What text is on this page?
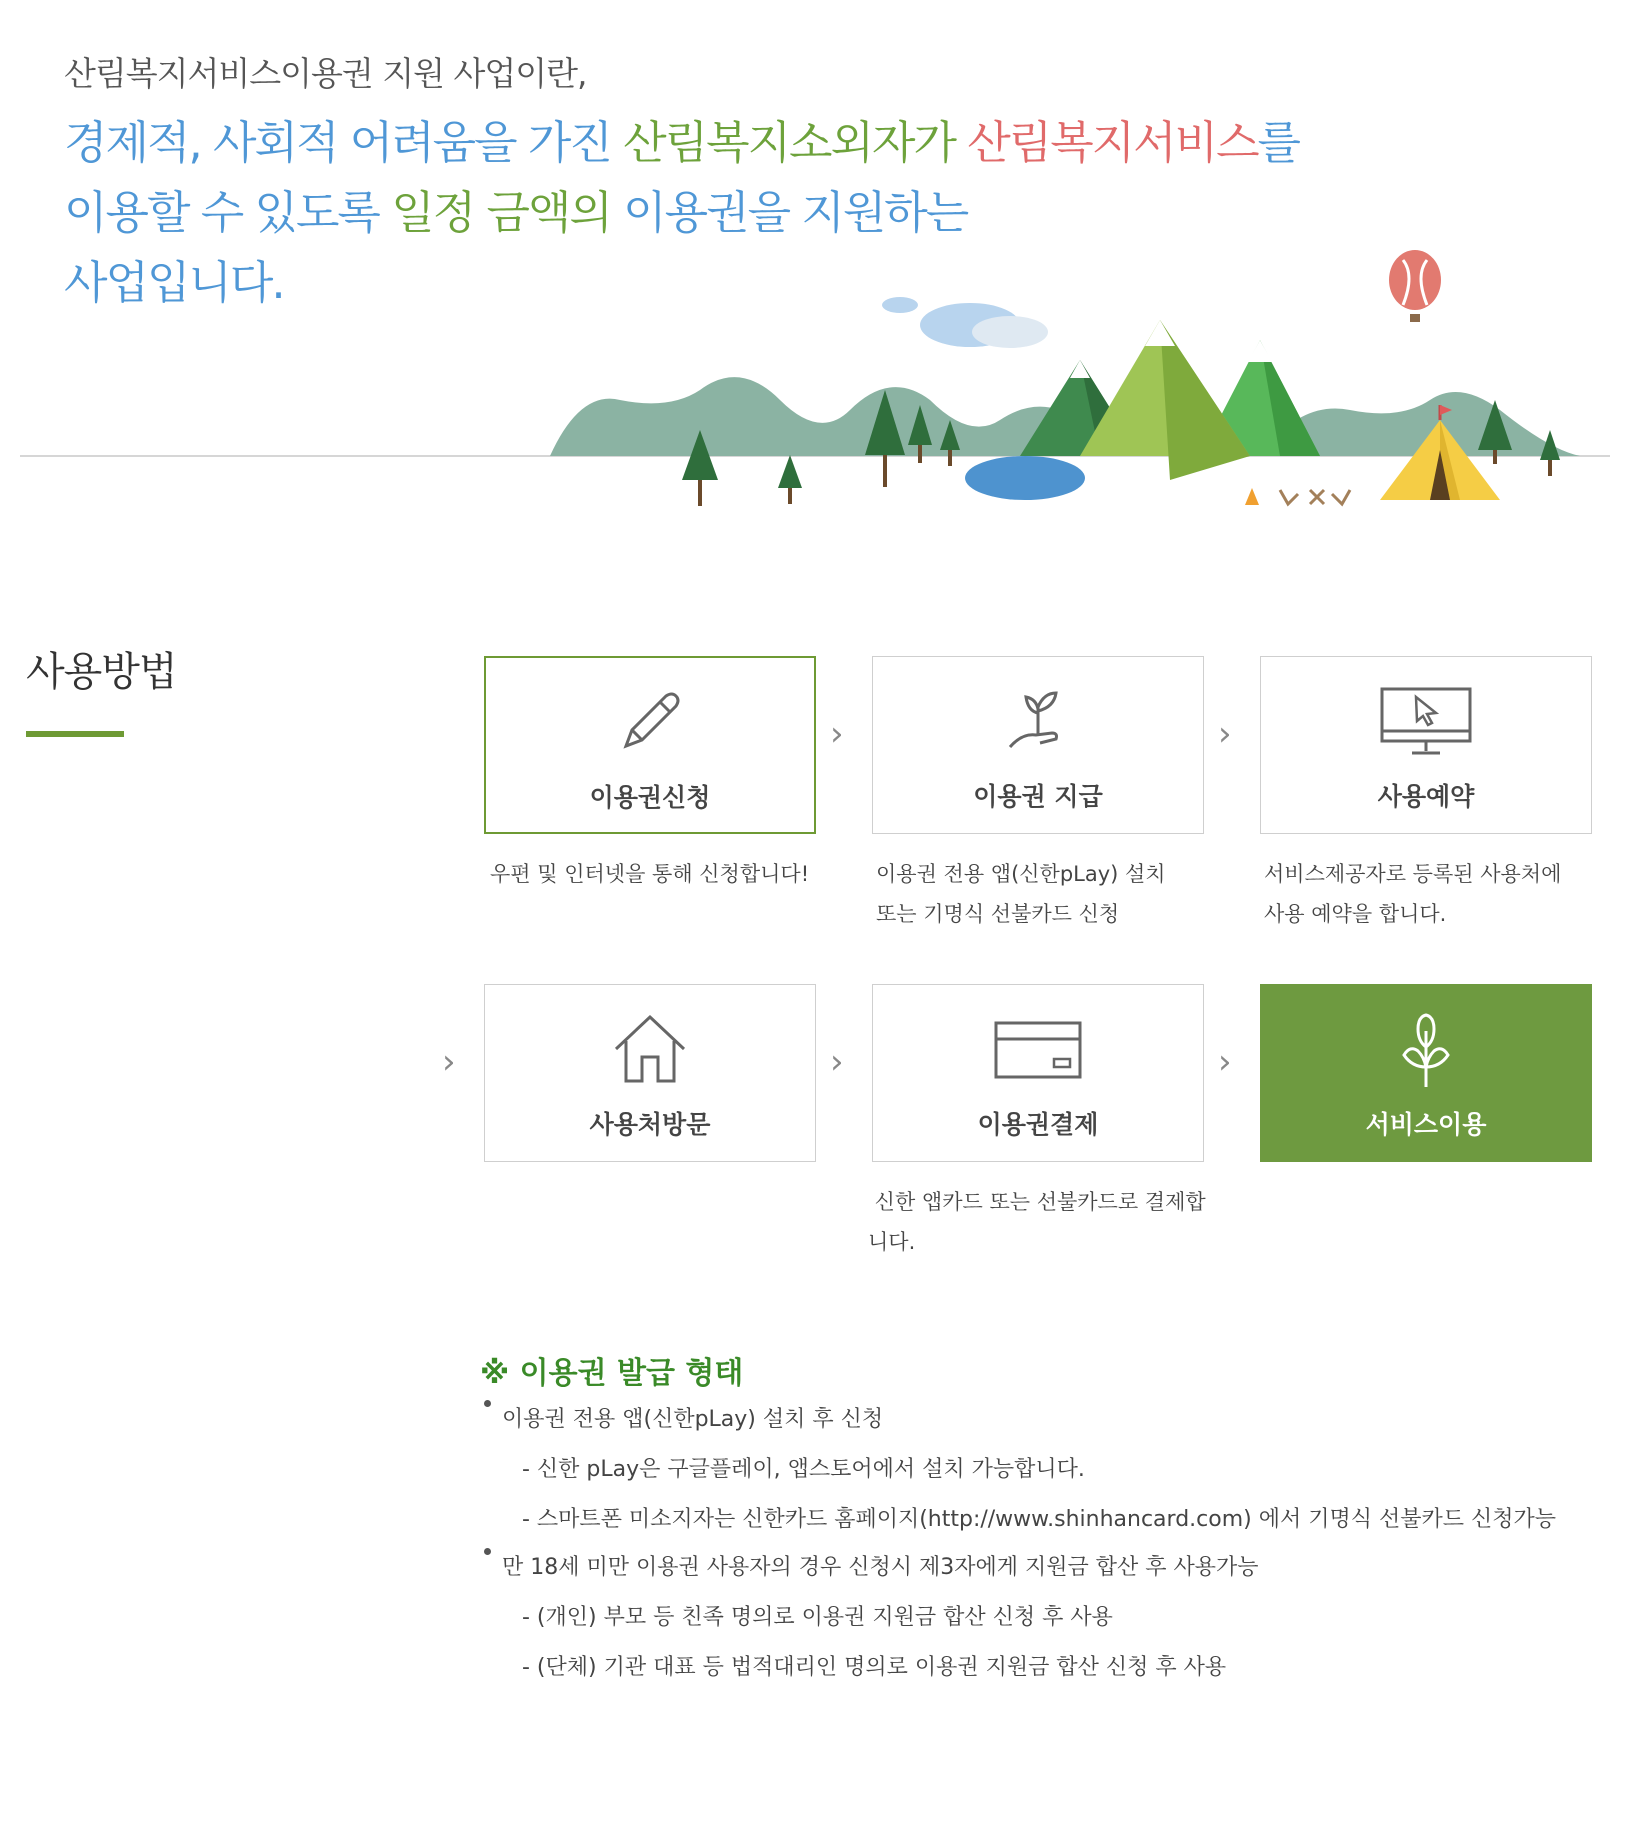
산림복지서비스이용권 지원 사업이란,
경제적, 사회적 어려움을 가진 산림복지소외자가 산림복지서비스를
이용할 수 있도록 일정 금액의 이용권을 지원하는
사업입니다.
사용방법
이용권신청
›
이용권 지급
›
사용예약
우편 및 인터넷을 통해 신청합니다!	이용권 전용 앱(신한pLay) 설치
또는 기명식 선불카드 신청
서비스제공자로 등록된 사용처에
사용 예약을 합니다.
›
사용처방문
›
이용권결제
›
서비스이용
신한 앱카드 또는 선불카드로 결제합
니다.
※ 이용권 발급 형태
이용권 전용 앱(신한pLay) 설치 후 신청
- 신한 pLay은 구글플레이, 앱스토어에서 설치 가능합니다.
- 스마트폰 미소지자는 신한카드 홈페이지(http://www.shinhancard.com) 에서 기명식 선불카드 신청가능
만 18세 미만 이용권 사용자의 경우 신청시 제3자에게 지원금 합산 후 사용가능
- (개인) 부모 등 친족 명의로 이용권 지원금 합산 신청 후 사용
- (단체) 기관 대표 등 법적대리인 명의로 이용권 지원금 합산 신청 후 사용
